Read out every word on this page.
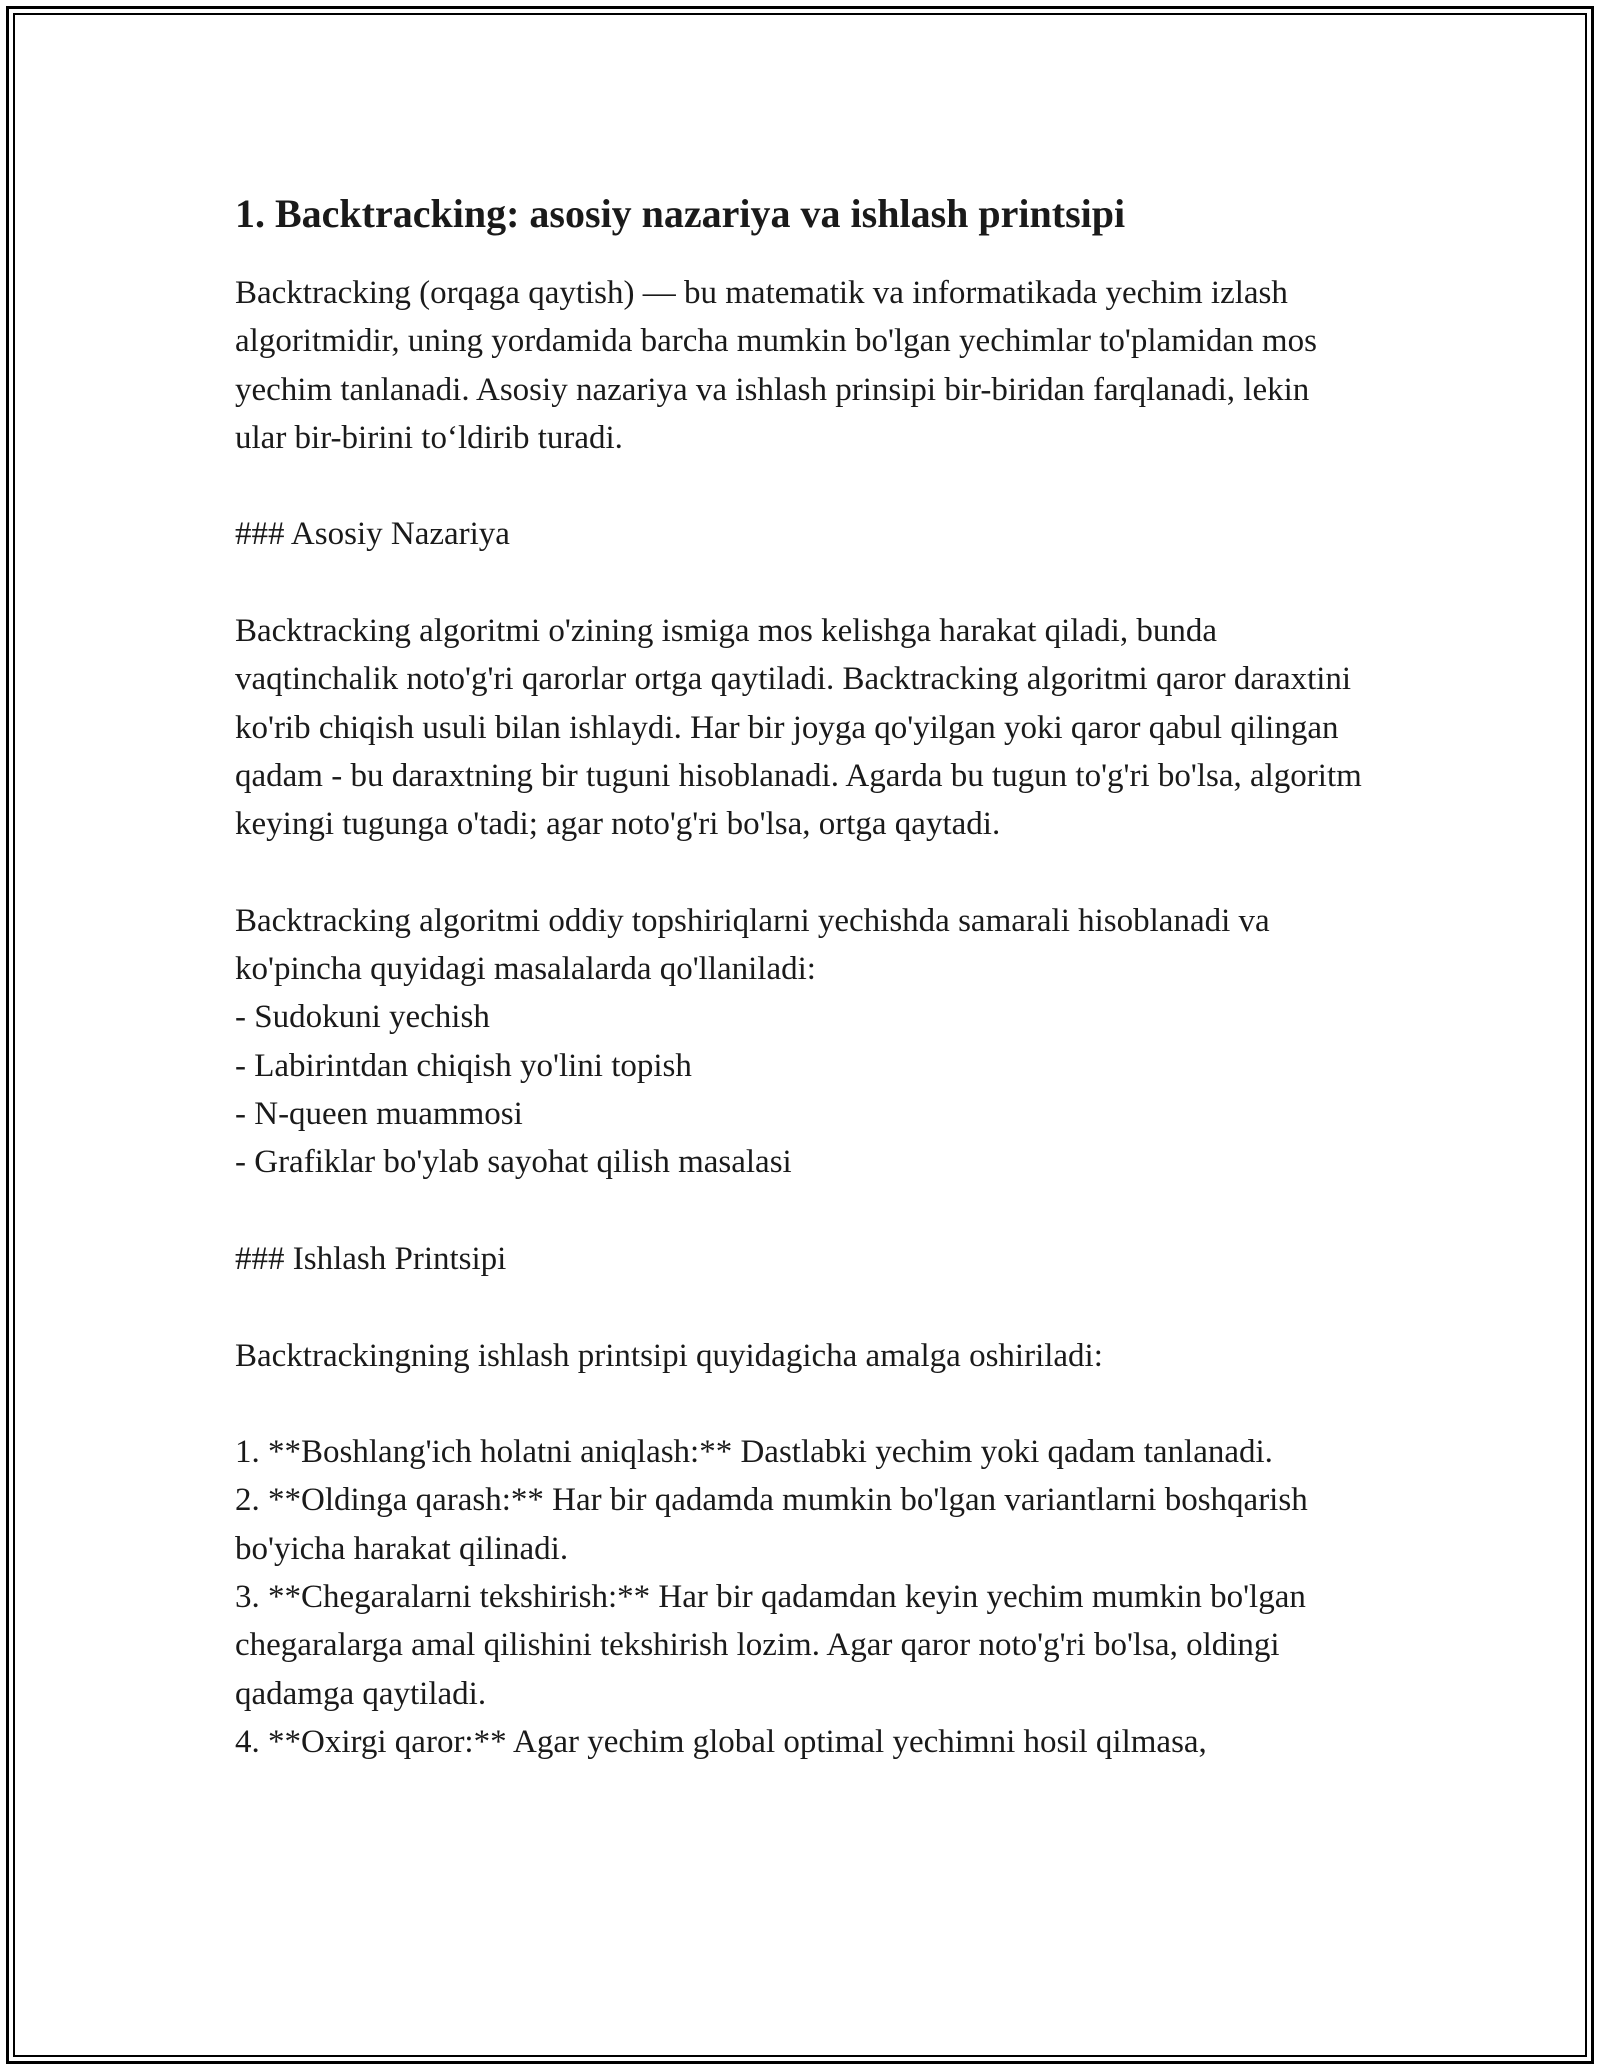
1. Backtracking: asosiy nazariya va ishlash printsipi

Backtracking (orqaga qaytish) — bu matematik va informatikada yechim izlash algoritmidir, uning yordamida barcha mumkin bo'lgan yechimlar to'plamidan mos yechim tanlanadi. Asosiy nazariya va ishlash prinsipi bir-biridan farqlanadi, lekin ular bir-birini to‘ldirib turadi.

### Asosiy Nazariya

Backtracking algoritmi o'zining ismiga mos kelishga harakat qiladi, bunda vaqtinchalik noto'g'ri qarorlar ortga qaytiladi. Backtracking algoritmi qaror daraxtini ko'rib chiqish usuli bilan ishlaydi. Har bir joyga qo'yilgan yoki qaror qabul qilingan qadam - bu daraxtning bir tuguni hisoblanadi. Agarda bu tugun to'g'ri bo'lsa, algoritm keyingi tugunga o'tadi; agar noto'g'ri bo'lsa, ortga qaytadi.

Backtracking algoritmi oddiy topshiriqlarni yechishda samarali hisoblanadi va ko'pincha quyidagi masalalarda qo'llaniladi:

- Sudokuni yechish

- Labirintdan chiqish yo'lini topish

- N-queen muammosi

- Grafiklar bo'ylab sayohat qilish masalasi

### Ishlash Printsipi

Backtrackingning ishlash printsipi quyidagicha amalga oshiriladi:

1. **Boshlang'ich holatni aniqlash:** Dastlabki yechim yoki qadam tanlanadi.

2. **Oldinga qarash:** Har bir qadamda mumkin bo'lgan variantlarni boshqarish bo'yicha harakat qilinadi.

3. **Chegaralarni tekshirish:** Har bir qadamdan keyin yechim mumkin bo'lgan chegaralarga amal qilishini tekshirish lozim. Agar qaror noto'g'ri bo'lsa, oldingi qadamga qaytiladi.

4. **Oxirgi qaror:** Agar yechim global optimal yechimni hosil qilmasa,
